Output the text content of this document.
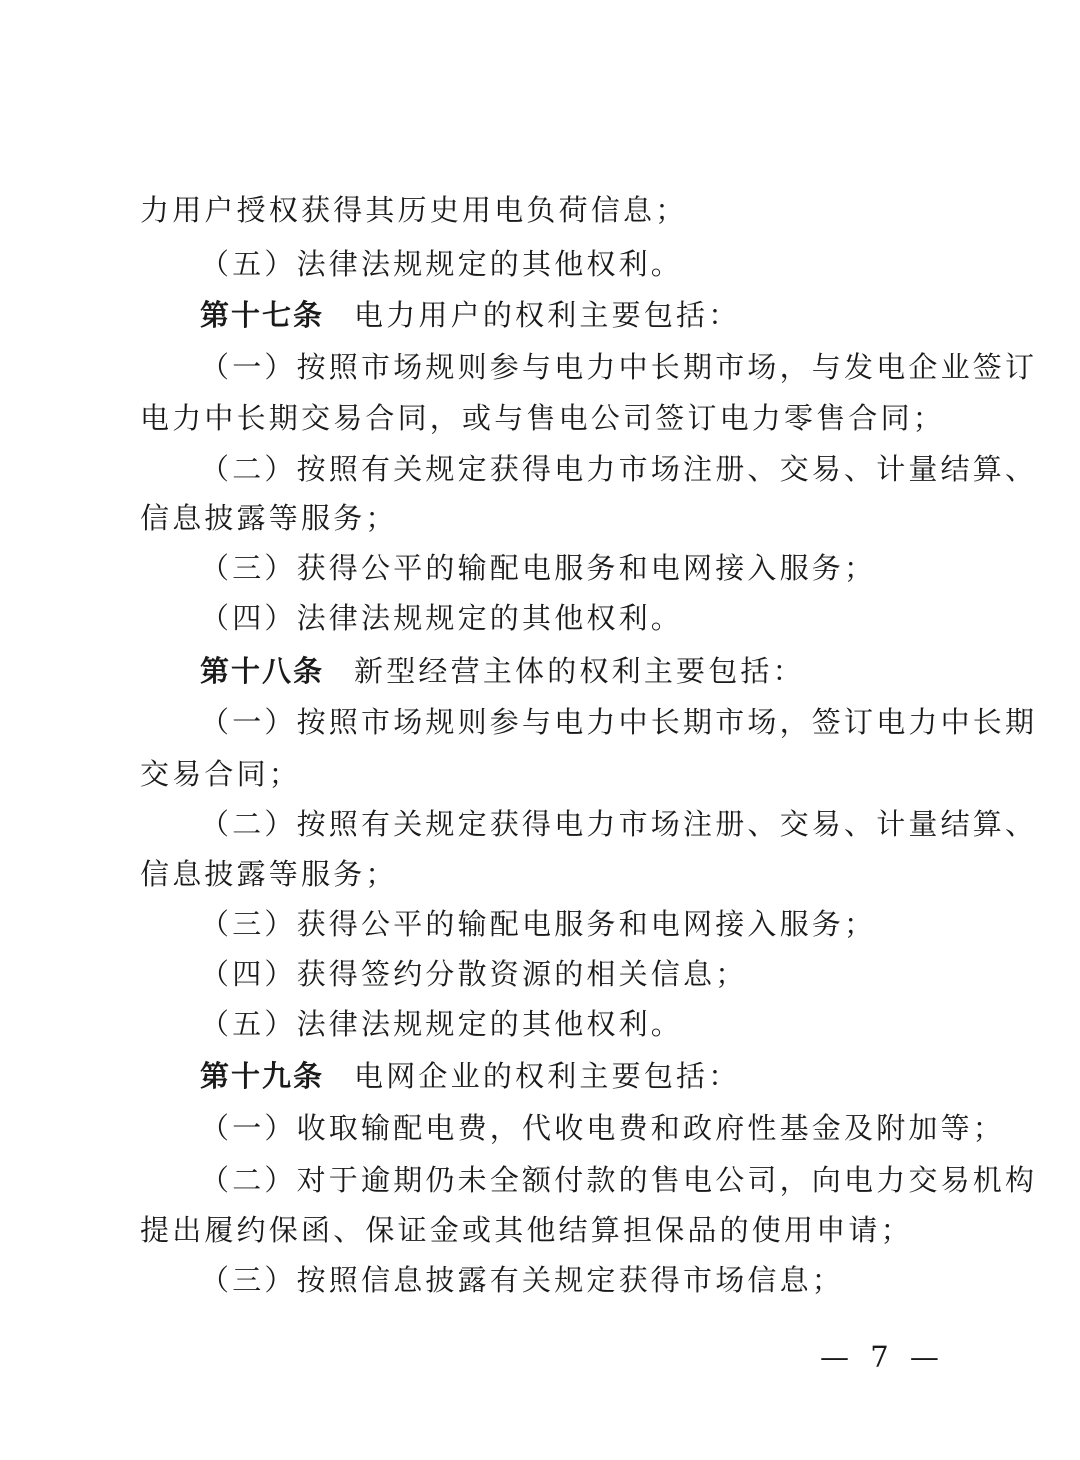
力用户授权获得其历史用电负荷信息；
（五）法律法规规定的其他权利。
第十七条 电力用户的权利主要包括：
（一）按照市场规则参与电力中长期市场，与发电企业签订
电力中长期交易合同，或与售电公司签订电力零售合同；
（二）按照有关规定获得电力市场注册、交易、计量结算、
信息披露等服务；
（三）获得公平的输配电服务和电网接入服务；
（四）法律法规规定的其他权利。
第十八条 新型经营主体的权利主要包括：
（一）按照市场规则参与电力中长期市场，签订电力中长期
交易合同；
（二）按照有关规定获得电力市场注册、交易、计量结算、
信息披露等服务；
（三）获得公平的输配电服务和电网接入服务；
（四）获得签约分散资源的相关信息；
（五）法律法规规定的其他权利。
第十九条 电网企业的权利主要包括：
（一）收取输配电费，代收电费和政府性基金及附加等；
（二）对于逾期仍未全额付款的售电公司，向电力交易机构
提出履约保函、保证金或其他结算担保品的使用申请；
（三）按照信息披露有关规定获得市场信息；
— 7 —
